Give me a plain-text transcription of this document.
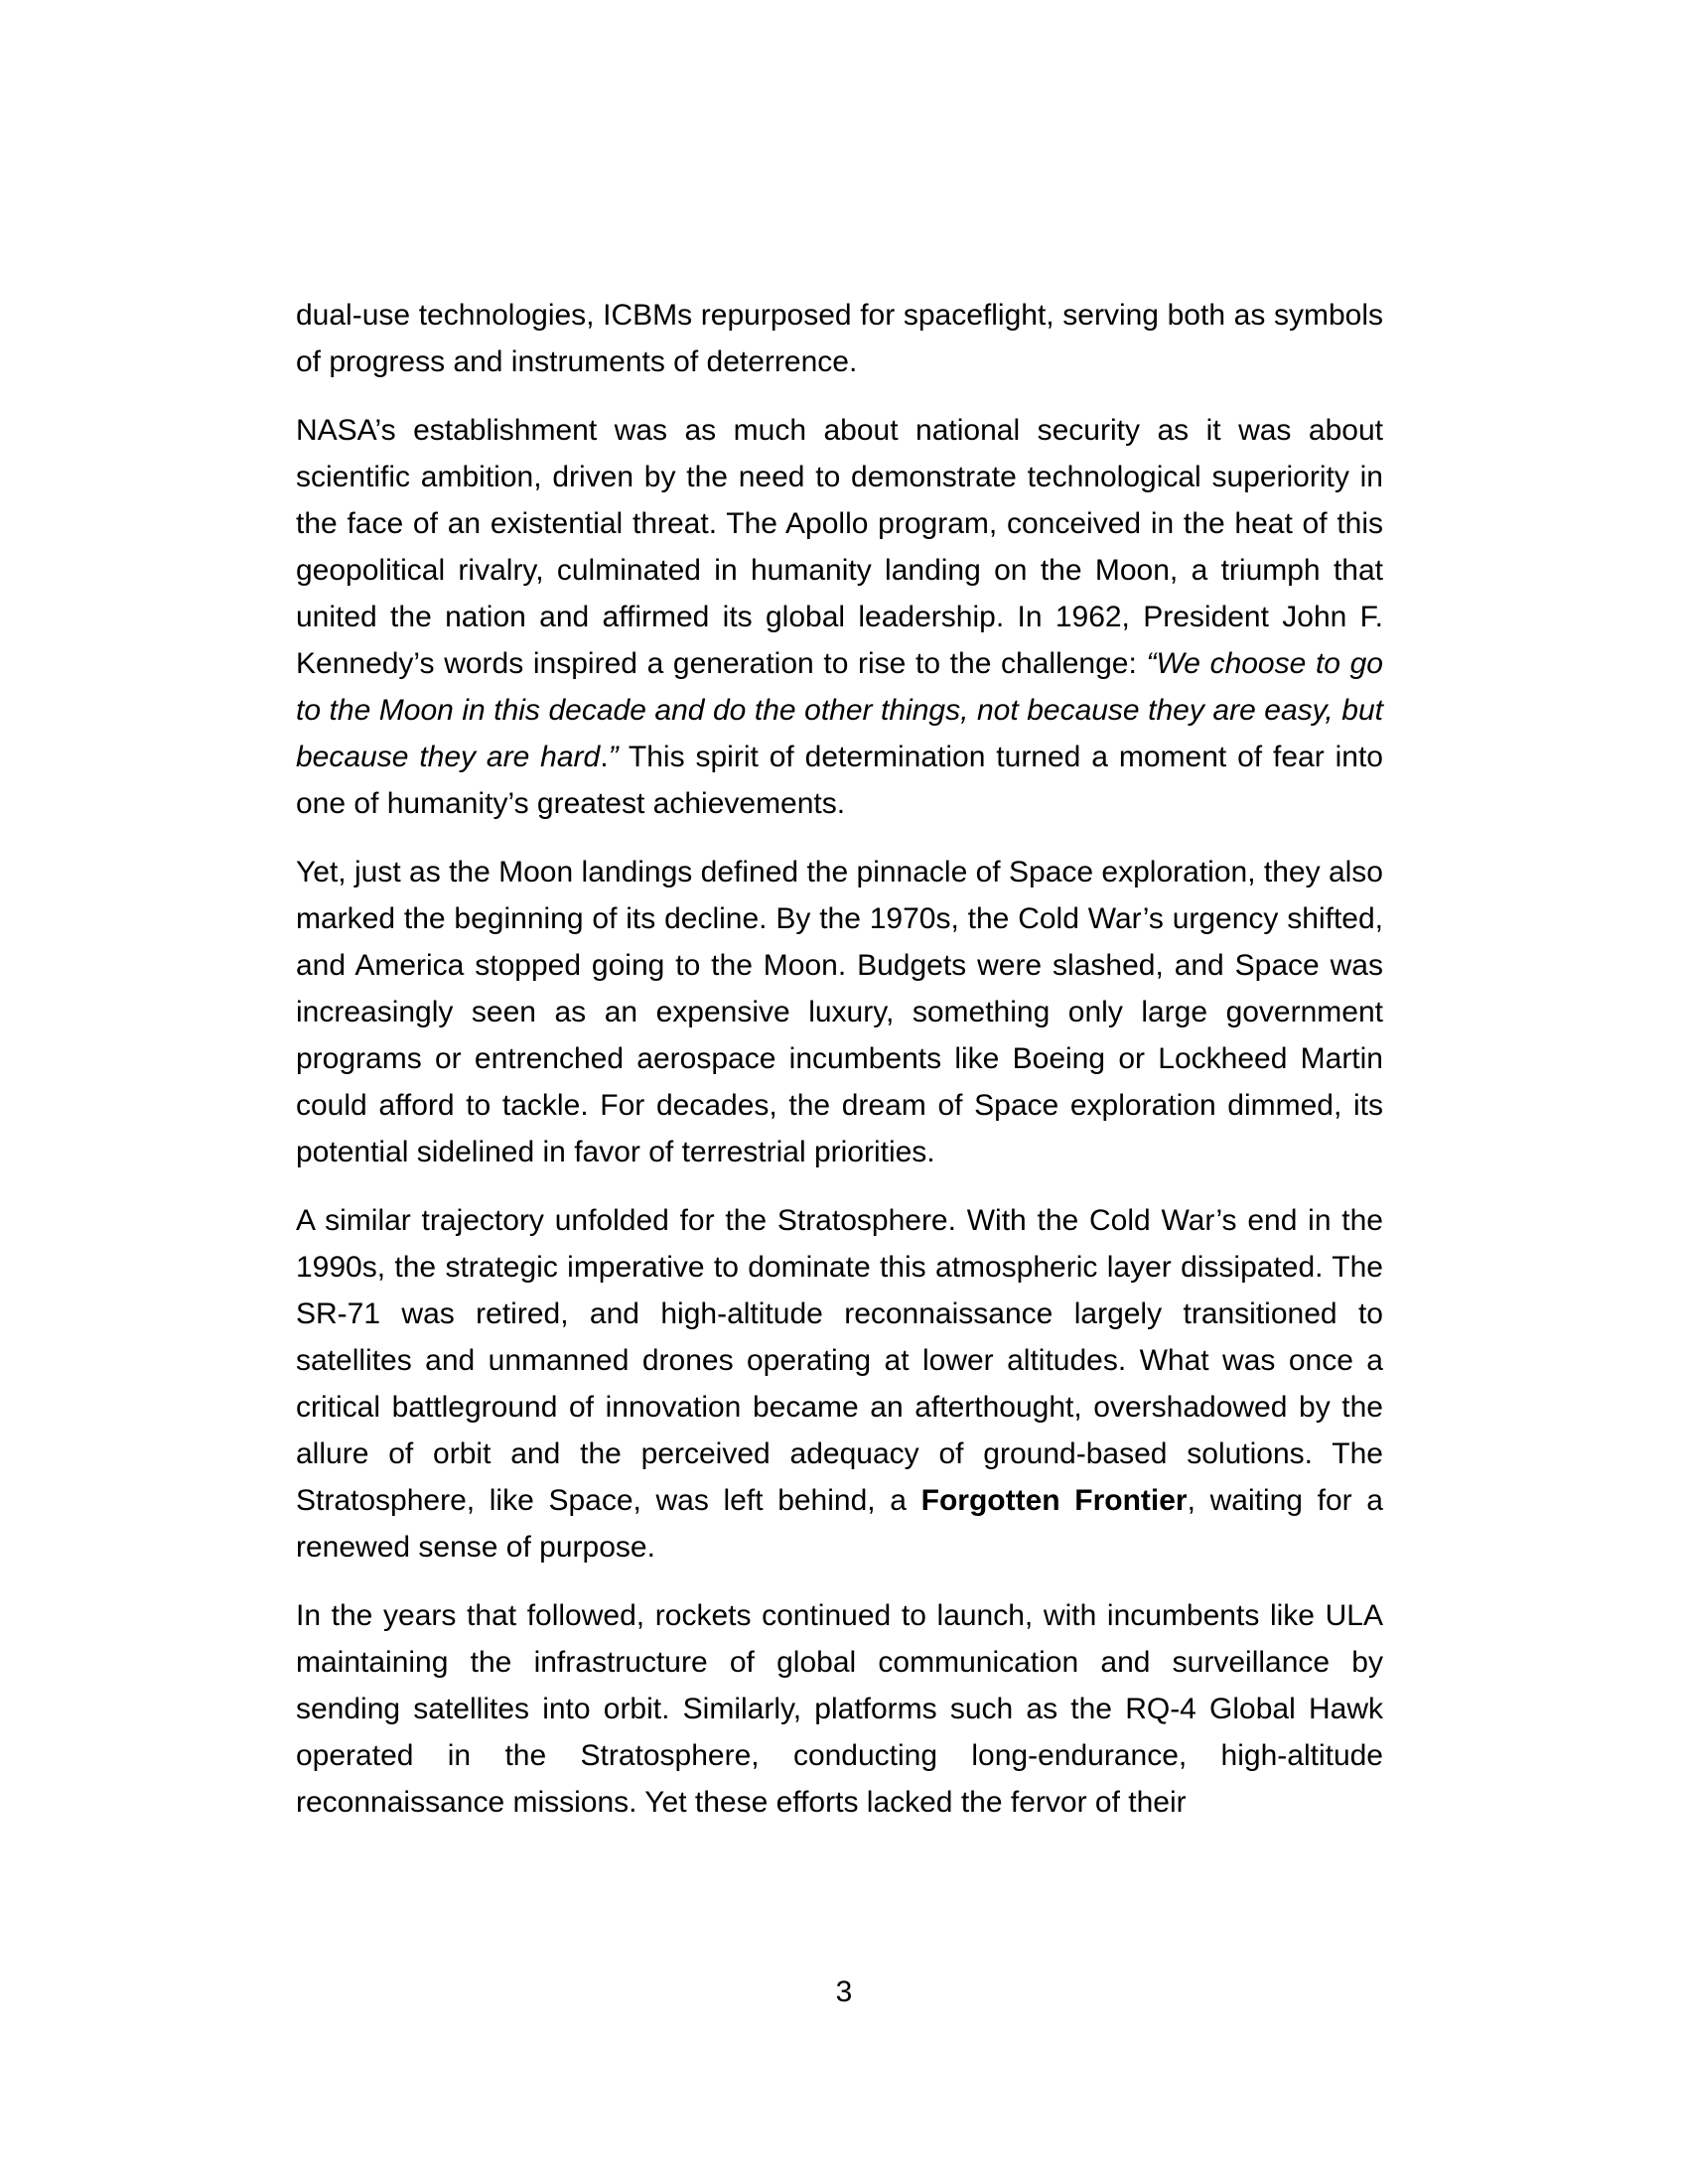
dual-use technologies, ICBMs repurposed for spaceflight, serving both as symbols of progress and instruments of deterrence.

NASA’s establishment was as much about national security as it was about scientific ambition, driven by the need to demonstrate technological superiority in the face of an existential threat. The Apollo program, conceived in the heat of this geopolitical rivalry, culminated in humanity landing on the Moon, a triumph that united the nation and affirmed its global leadership. In 1962, President John F. Kennedy’s words inspired a generation to rise to the challenge: “We choose to go to the Moon in this decade and do the other things, not because they are easy, but because they are hard.” This spirit of determination turned a moment of fear into one of humanity’s greatest achievements.

Yet, just as the Moon landings defined the pinnacle of Space exploration, they also marked the beginning of its decline. By the 1970s, the Cold War’s urgency shifted, and America stopped going to the Moon. Budgets were slashed, and Space was increasingly seen as an expensive luxury, something only large government programs or entrenched aerospace incumbents like Boeing or Lockheed Martin could afford to tackle. For decades, the dream of Space exploration dimmed, its potential sidelined in favor of terrestrial priorities.

A similar trajectory unfolded for the Stratosphere. With the Cold War’s end in the 1990s, the strategic imperative to dominate this atmospheric layer dissipated. The SR-71 was retired, and high-altitude reconnaissance largely transitioned to satellites and unmanned drones operating at lower altitudes. What was once a critical battleground of innovation became an afterthought, overshadowed by the allure of orbit and the perceived adequacy of ground-based solutions. The Stratosphere, like Space, was left behind, a Forgotten Frontier, waiting for a renewed sense of purpose.

In the years that followed, rockets continued to launch, with incumbents like ULA maintaining the infrastructure of global communication and surveillance by sending satellites into orbit. Similarly, platforms such as the RQ-4 Global Hawk operated in the Stratosphere, conducting long-endurance, high-altitude reconnaissance missions. Yet these efforts lacked the fervor of their

3
